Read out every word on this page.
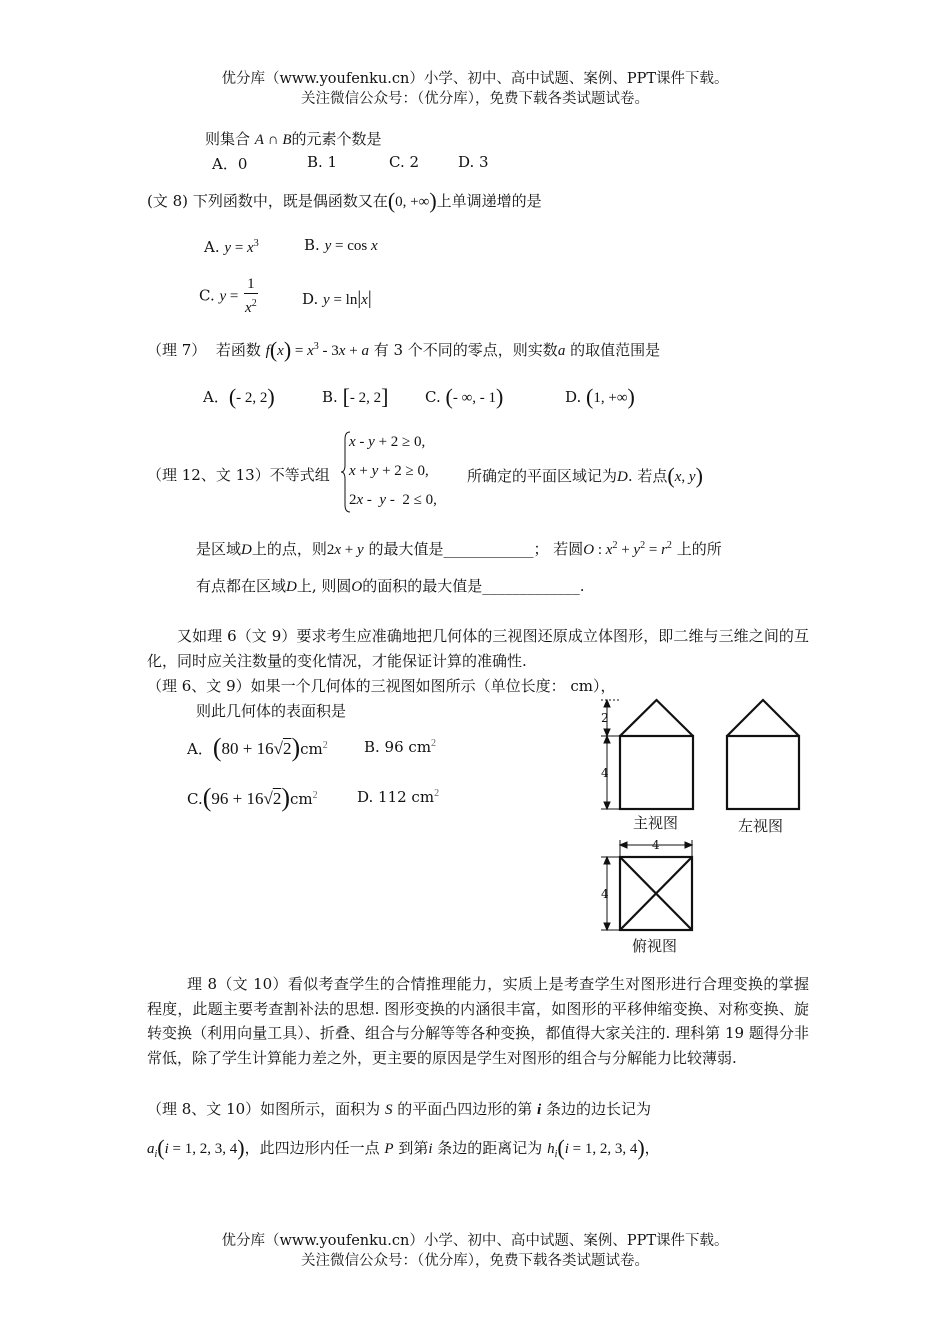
优分库（www.youfenku.cn）小学、初中、高中试题、案例、PPT课件下载。
关注微信公众号：（优分库），免费下载各类试题试卷。
则集合 A ∩ B的元素个数是
A．0	B. 1	C. 2	D. 3
(文 8) 下列函数中，既是偶函数又在(0, +∞)上单调递增的是
A. $y = x^3$	B. y = cos x
C. $y = \frac{1}{x^2}$	D. y = ln|x|
（理 7） 若函数 $f(x) = x^3 - 3x + a$ 有 3 个不同的零点，则实数a 的取值范围是
A．(- 2, 2)	B. [- 2, 2] C. (- ∞, - 1)	D. (1, +∞)
（理 12、文 13）不等式组
x - y + 2 ≥ 0,
x + y + 2 ≥ 0,
2x -  y -  2 ≤ 0,
所确定的平面区域记为D. 若点(x, y)
是区域D上的点，则2x + y 的最大值是____________； 若圆O : $x^2 + y^2 = r^2$ 上的所
有点都在区域D上, 则圆O的面积的最大值是_____________.
又如理 6（文 9）要求考生应准确地把几何体的三视图还原成立体图形，即二维与三维之间的互化，同时应关注数量的变化情况，才能保证计算的准确性.
（理 6、文 9）如果一个几何体的三视图如图所示（单位长度： cm），
则此几何体的表面积是
A．$(80 + 16√2)cm^2$ B. 96 $cm^2$
$C.(96 + 16√2)cm^2$	D. 112 $cm^2$
2
4
4
4
主视图	左视图
俯视图
理 8（文 10）看似考查学生的合情推理能力，实质上是考查学生对图形进行合理变换的掌握程度，此题主要考查割补法的思想. 图形变换的内涵很丰富，如图形的平移伸缩变换、对称变换、旋转变换（利用向量工具）、折叠、组合与分解等等各种变换，都值得大家关注的. 理科第 19 题得分非常低，除了学生计算能力差之外，更主要的原因是学生对图形的组合与分解能力比较薄弱.
（理 8、文 10）如图所示，面积为 S 的平面凸四边形的第 i 条边的边长记为
$a_i(i = 1$, 2, 3, 4)，此四边形内任一点 P 到第i 条边的距离记为 $h_i(i = 1$, 2, 3, 4)，
优分库（www.youfenku.cn）小学、初中、高中试题、案例、PPT课件下载。
关注微信公众号：（优分库），免费下载各类试题试卷。
